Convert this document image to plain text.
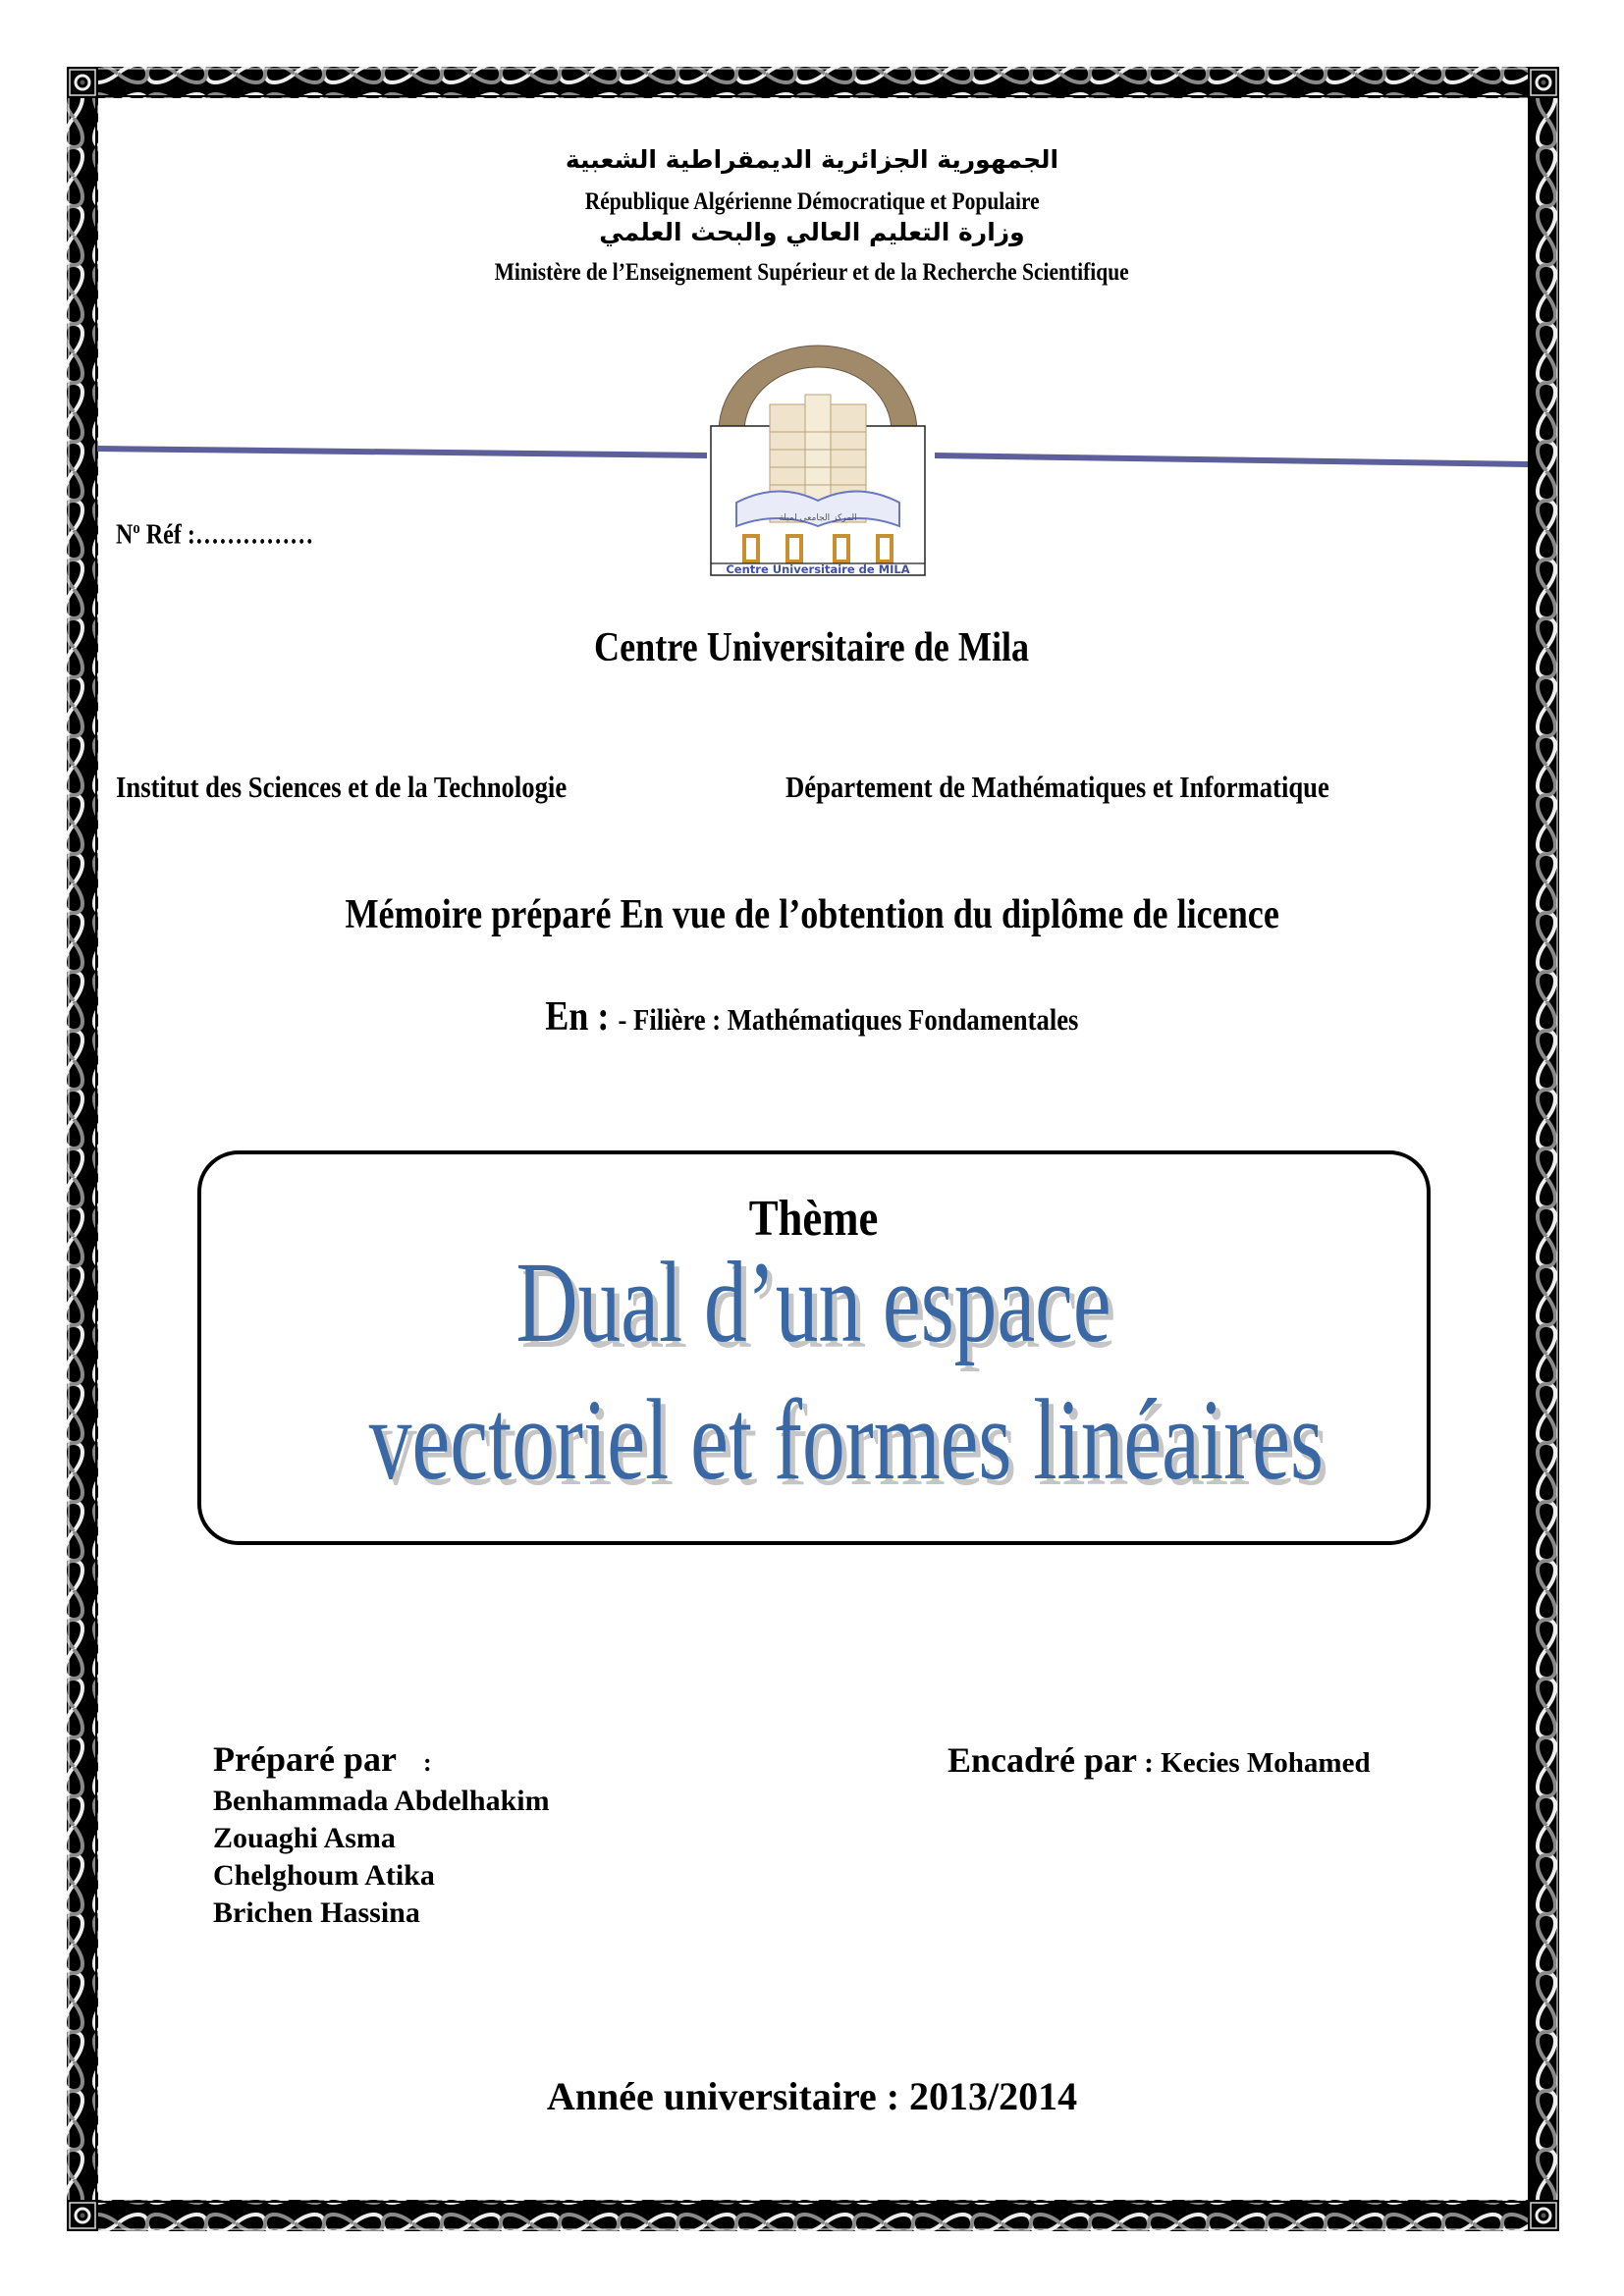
الجمهورية الجزائرية الديمقراطية الشعبية
République Algérienne Démocratique et Populaire
وزارة التعليم العالي والبحث العلمي
Ministère de l’Enseignement Supérieur et de la Recherche Scientifique
المركز الجامعي لميلة
Centre Universitaire de MILA
$N^o$ Réf :……………
Centre Universitaire de Mila
Institut des Sciences et de la Technologie	Département de Mathématiques et Informatique
Mémoire préparé En vue de l’obtention du diplôme de licence
En : - Filière : Mathématiques Fondamentales
Thème
Dual d’un espace
vectoriel et formes linéaires
Préparé par :
Benhammada Abdelhakim
Zouaghi Asma
Chelghoum Atika
Brichen Hassina
Encadré par : Kecies Mohamed
Année universitaire : 2013/2014
